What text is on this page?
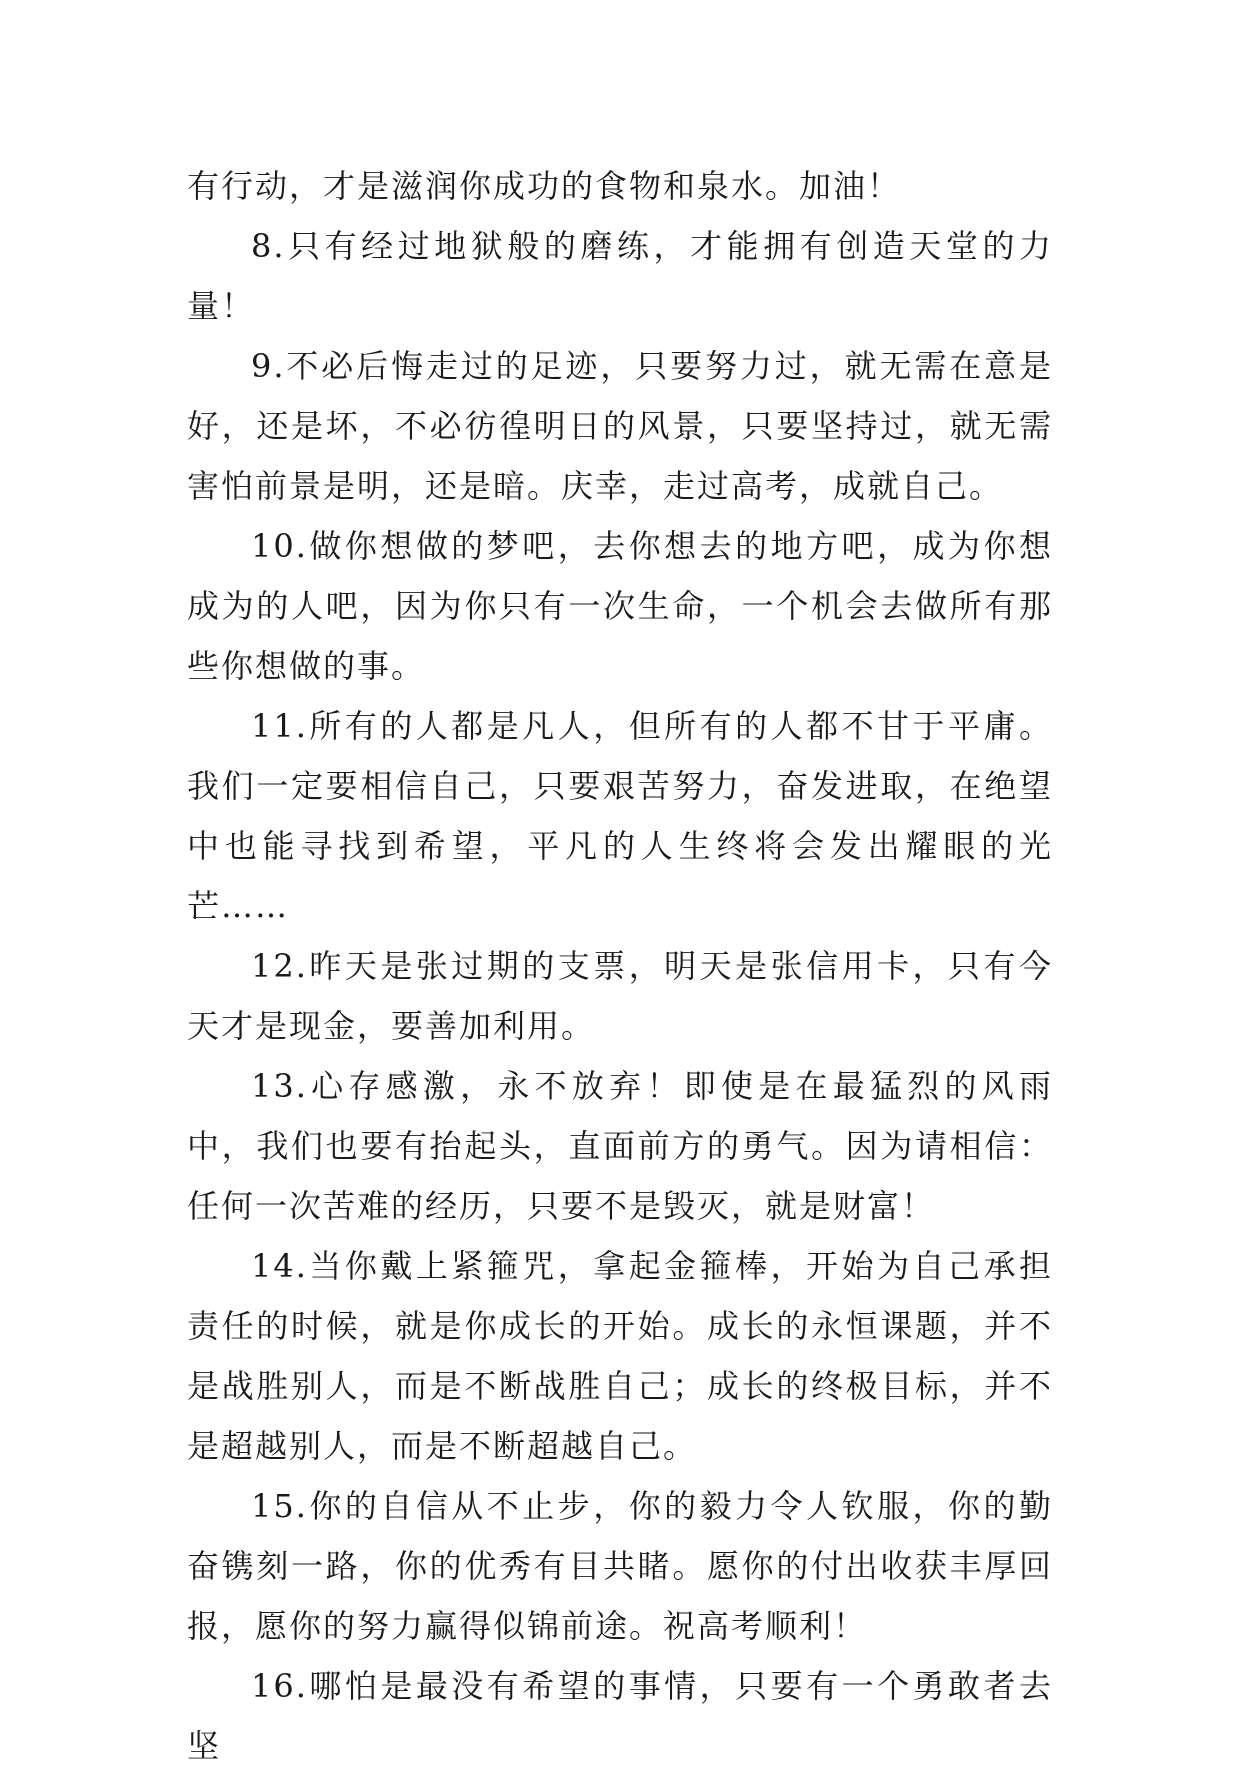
有行动，才是滋润你成功的食物和泉水。加油！

8.只有经过地狱般的磨练，才能拥有创造天堂的力量！

9.不必后悔走过的足迹，只要努力过，就无需在意是好，还是坏，不必彷徨明日的风景，只要坚持过，就无需害怕前景是明，还是暗。庆幸，走过高考，成就自己。

10.做你想做的梦吧，去你想去的地方吧，成为你想成为的人吧，因为你只有一次生命，一个机会去做所有那些你想做的事。

11.所有的人都是凡人，但所有的人都不甘于平庸。我们一定要相信自己，只要艰苦努力，奋发进取，在绝望中也能寻找到希望，平凡的人生终将会发出耀眼的光芒……

12.昨天是张过期的支票，明天是张信用卡，只有今天才是现金，要善加利用。

13.心存感激，永不放弃！即使是在最猛烈的风雨中，我们也要有抬起头，直面前方的勇气。因为请相信：任何一次苦难的经历，只要不是毁灭，就是财富！

14.当你戴上紧箍咒，拿起金箍棒，开始为自己承担责任的时候，就是你成长的开始。成长的永恒课题，并不是战胜别人，而是不断战胜自己；成长的终极目标，并不是超越别人，而是不断超越自己。

15.你的自信从不止步，你的毅力令人钦服，你的勤奋镌刻一路，你的优秀有目共睹。愿你的付出收获丰厚回报，愿你的努力赢得似锦前途。祝高考顺利！

16.哪怕是最没有希望的事情，只要有一个勇敢者去坚
